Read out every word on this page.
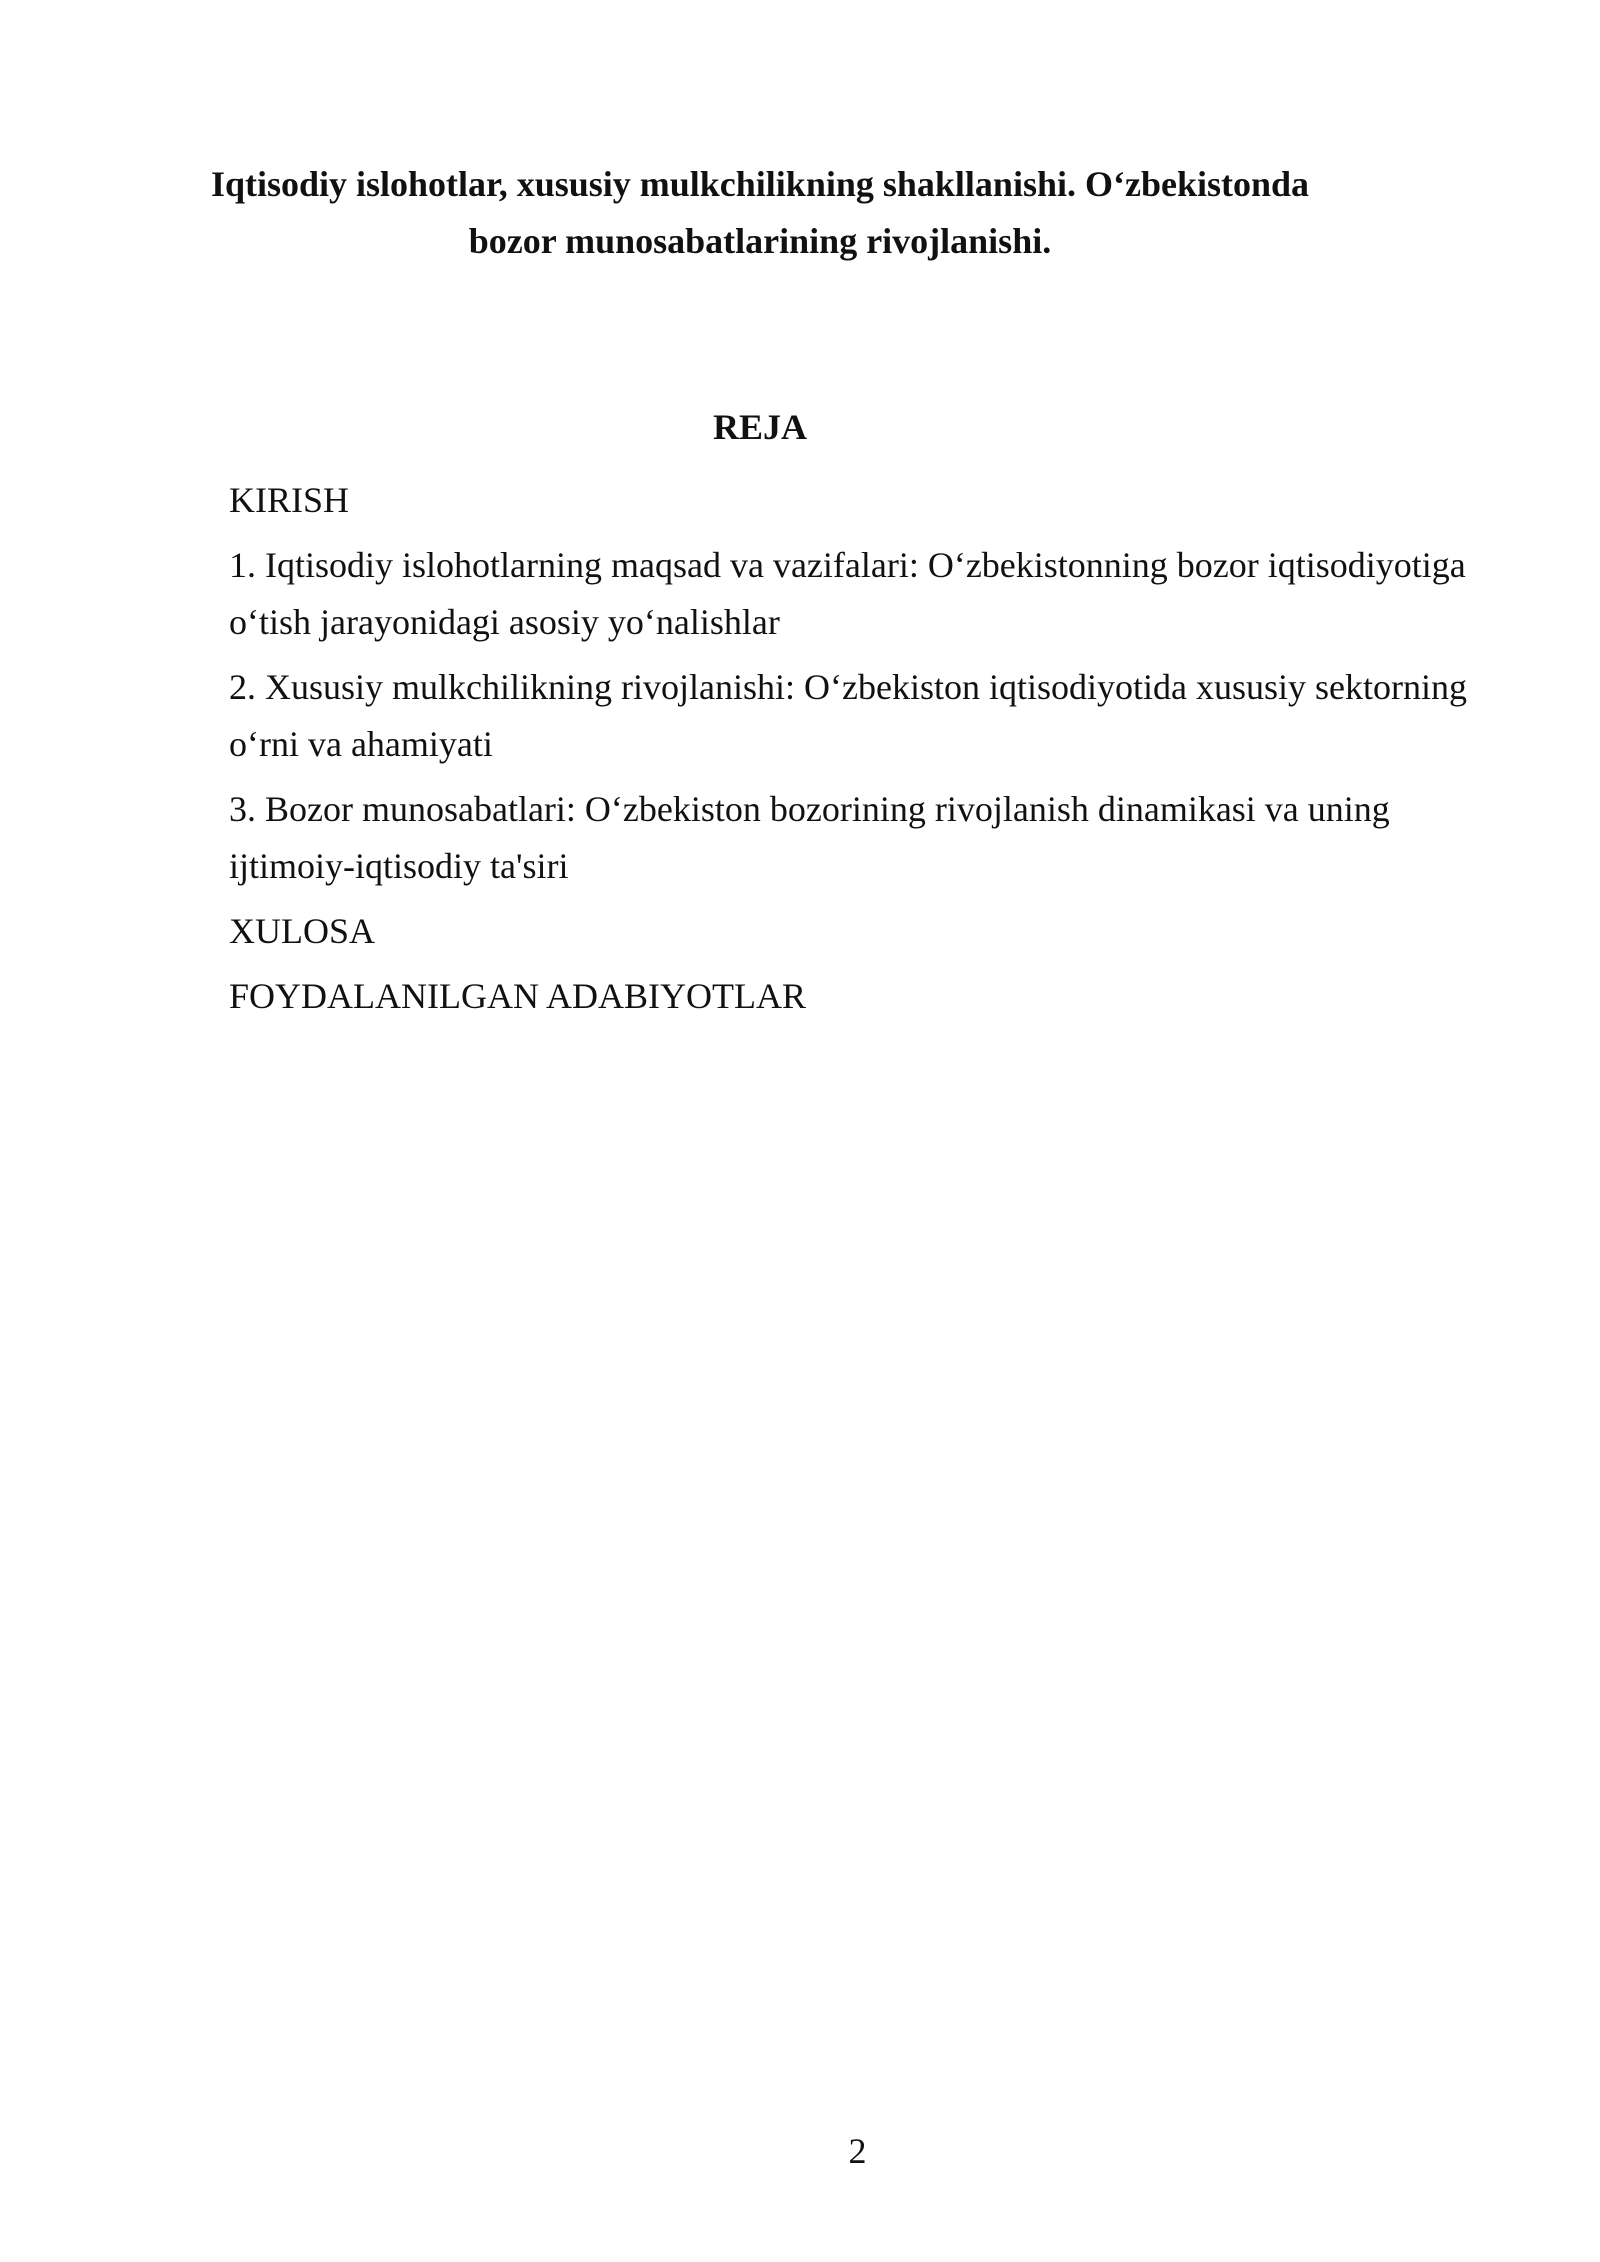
Iqtisodiy islohotlar, xususiy mulkchilikning shakllanishi. O‘zbekistonda bozor munosabatlarining rivojlanishi.
REJA
KIRISH
1. Iqtisodiy islohotlarning maqsad va vazifalari: O‘zbekistonning bozor iqtisodiyotiga o‘tish jarayonidagi asosiy yo‘nalishlar
2. Xususiy mulkchilikning rivojlanishi: O‘zbekiston iqtisodiyotida xususiy sektorning o‘rni va ahamiyati
3. Bozor munosabatlari: O‘zbekiston bozorining rivojlanish dinamikasi va uning ijtimoiy-iqtisodiy ta'siri
XULOSA
FOYDALANILGAN ADABIYOTLAR
2
